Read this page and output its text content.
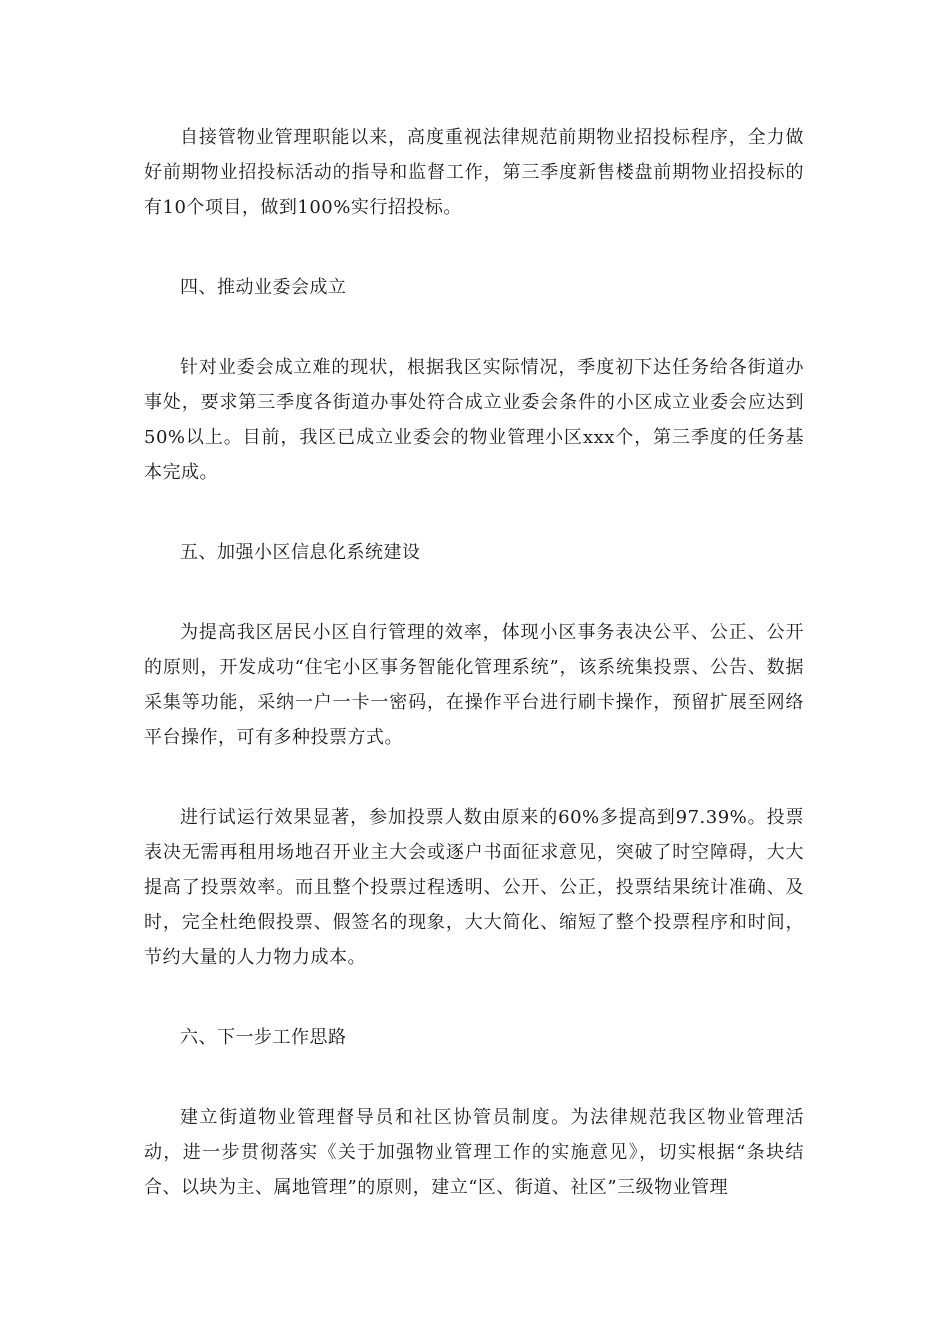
自接管物业管理职能以来，高度重视法律规范前期物业招投标程序，全力做好前期物业招投标活动的指导和监督工作，第三季度新售楼盘前期物业招投标的有10个项目，做到100%实行招投标。

四、推动业委会成立

针对业委会成立难的现状，根据我区实际情况，季度初下达任务给各街道办事处，要求第三季度各街道办事处符合成立业委会条件的小区成立业委会应达到50%以上。目前，我区已成立业委会的物业管理小区xxx个，第三季度的任务基本完成。

五、加强小区信息化系统建设

为提高我区居民小区自行管理的效率，体现小区事务表决公平、公正、公开的原则，开发成功“住宅小区事务智能化管理系统”，该系统集投票、公告、数据采集等功能，采纳一户一卡一密码，在操作平台进行刷卡操作，预留扩展至网络平台操作，可有多种投票方式。

进行试运行效果显著，参加投票人数由原来的60%多提高到97.39%。投票表决无需再租用场地召开业主大会或逐户书面征求意见，突破了时空障碍，大大提高了投票效率。而且整个投票过程透明、公开、公正，投票结果统计准确、及时，完全杜绝假投票、假签名的现象，大大简化、缩短了整个投票程序和时间，节约大量的人力物力成本。

六、下一步工作思路

建立街道物业管理督导员和社区协管员制度。为法律规范我区物业管理活动，进一步贯彻落实《关于加强物业管理工作的实施意见》，切实根据“条块结合、以块为主、属地管理”的原则，建立“区、街道、社区”三级物业管理
